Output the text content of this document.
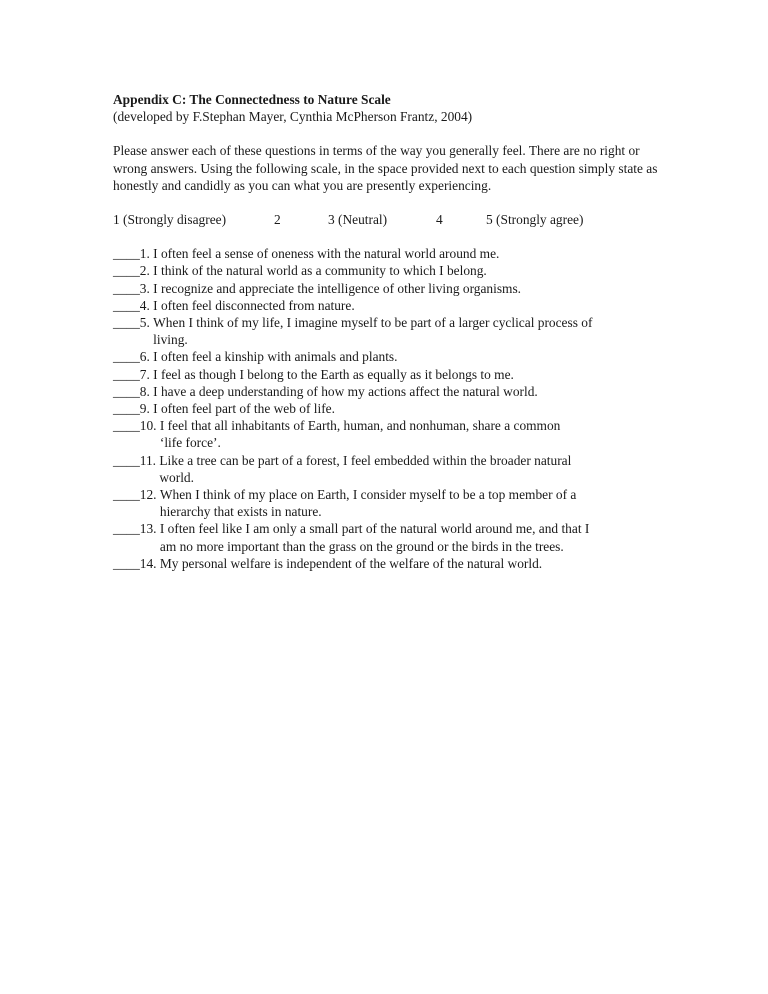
Appendix C: The Connectedness to Nature Scale

(developed by F.Stephan Mayer, Cynthia McPherson Frantz, 2004)

Please answer each of these questions in terms of the way you generally feel. There are no right or wrong answers. Using the following scale, in the space provided next to each question simply state as honestly and candidly as you can what you are presently experiencing.

1 (Strongly disagree)	2	3 (Neutral)	4	5 (Strongly agree)
____ 1. I often feel a sense of oneness with the natural world around me.
____ 2. I think of the natural world as a community to which I belong.
____ 3. I recognize and appreciate the intelligence of other living organisms.
____ 4. I often feel disconnected from nature.
____ 5. When I think of my life, I imagine myself to be part of a larger cyclical process of
living.
____ 6. I often feel a kinship with animals and plants.
____ 7. I feel as though I belong to the Earth as equally as it belongs to me.
____ 8. I have a deep understanding of how my actions affect the natural world.
____ 9. I often feel part of the web of life.
____ 10. I feel that all inhabitants of Earth, human, and nonhuman, share a common
‘life force’.
____ 11. Like a tree can be part of a forest, I feel embedded within the broader natural
world.
____ 12. When I think of my place on Earth, I consider myself to be a top member of a
hierarchy that exists in nature.
____ 13. I often feel like I am only a small part of the natural world around me, and that I
am no more important than the grass on the ground or the birds in the trees.
____ 14. My personal welfare is independent of the welfare of the natural world.
